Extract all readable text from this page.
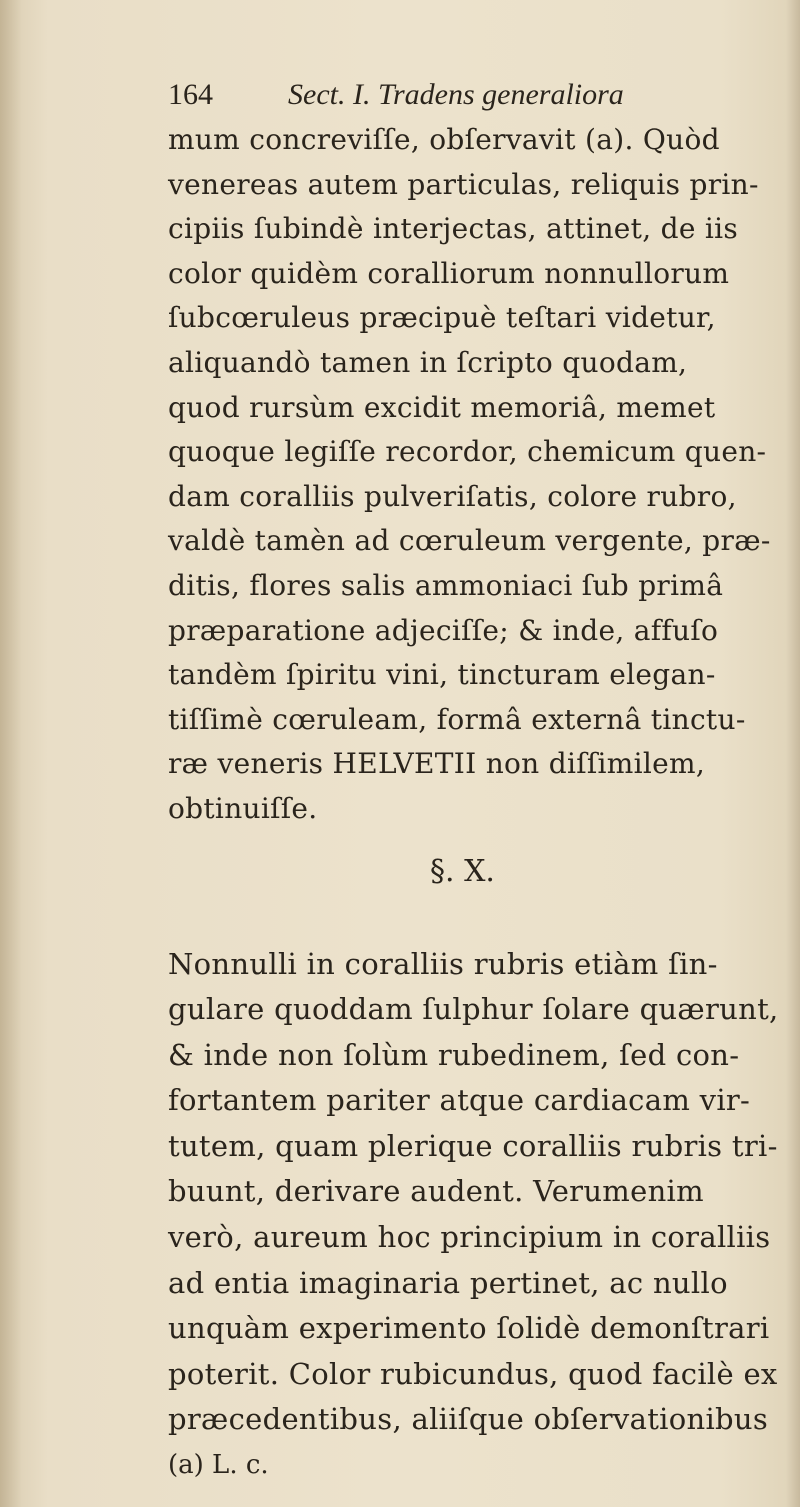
164	Sect. I. Tradens generaliora
mum concreviſſe, obſervavit (a). Quòd
venereas autem particulas, reliquis prin-
cipiis ſubindè interjectas, attinet, de iis
color quidèm coralliorum nonnullorum
ſubcœruleus præcipuè teſtari videtur,
aliquandò tamen in ſcripto quodam,
quod rursùm excidit memoriâ, memet
quoque legiſſe recordor, chemicum quen-
dam coralliis pulveriſatis, colore rubro,
valdè tamèn ad cœruleum vergente, præ-
ditis, flores salis ammoniaci ſub primâ
præparatione adjeciſſe; & inde, affuſo
tandèm ſpiritu vini, tincturam elegan-
tiſſimè cœruleam, formâ externâ tinctu-
ræ veneris HELVETII non diſſimilem,
obtinuiſſe.
§. X.
Nonnulli in coralliis rubris etiàm ſin-
gulare quoddam ſulphur ſolare quærunt,
& inde non ſolùm rubedinem, ſed con-
fortantem pariter atque cardiacam vir-
tutem, quam plerique coralliis rubris tri-
buunt, derivare audent. Verumenim
verò, aureum hoc principium in coralliis
ad entia imaginaria pertinet, ac nullo
unquàm experimento ſolidè demonſtrari
poterit. Color rubicundus, quod facilè ex
præcedentibus, aliiſque obſervationibus
(a) L. c.
